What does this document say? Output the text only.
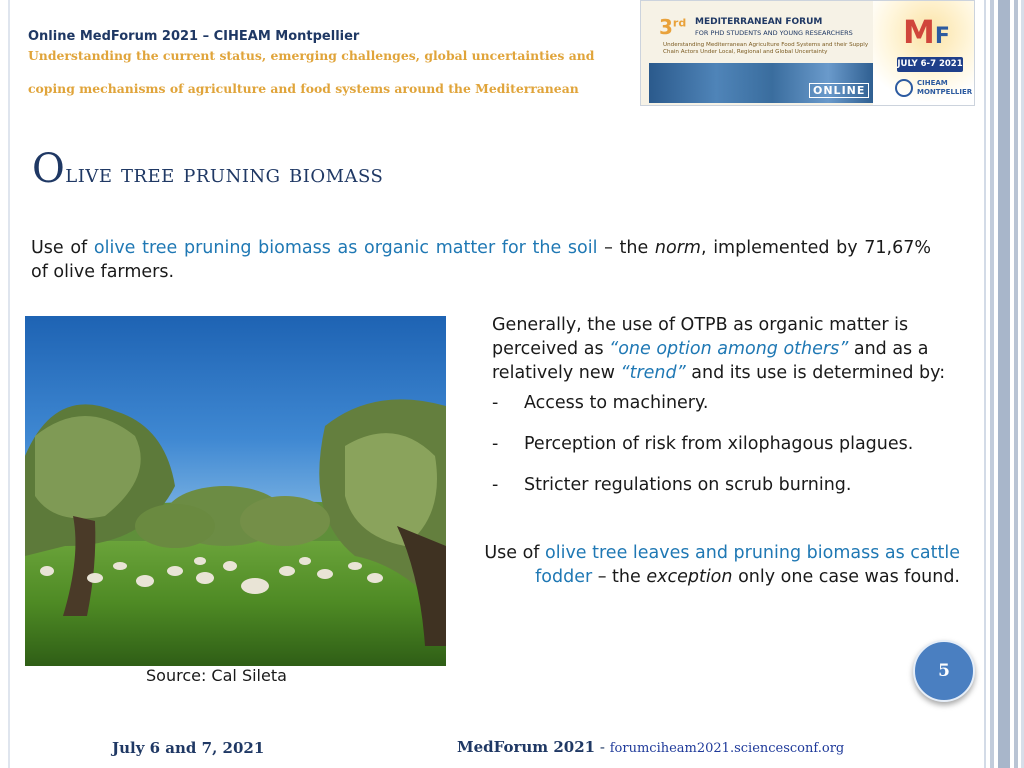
Online MedForum 2021 – CIHEAM Montpellier
Understanding the current status, emerging challenges, global uncertainties and
coping mechanisms of agriculture and food systems around the Mediterranean
3rd MEDITERRANEAN FORUM
FOR PHD STUDENTS AND YOUNG RESEARCHERS
Understanding Mediterranean Agriculture Food Systems and their Supply Chain Actors Under Local, Regional and Global Uncertainty
ONLINE
MF
JULY 6-7 2021
CIHEAM
MONTPELLIER
Olive tree pruning biomass
Use of olive tree pruning biomass as organic matter for the soil – the norm, implemented by 71,67% of olive farmers.
Source: Cal Sileta
Generally, the use of OTPB as organic matter is
perceived as “one option among others” and as a
relatively new “trend” and its use is determined by:
- Access to machinery.
- Perception of risk from xilophagous plagues.
- Stricter regulations on scrub burning.
Use of olive tree leaves and pruning biomass as cattle
fodder – the exception only one case was found.
5
July 6 and 7, 2021	MedForum 2021 - forumciheam2021.sciencesconf.org
